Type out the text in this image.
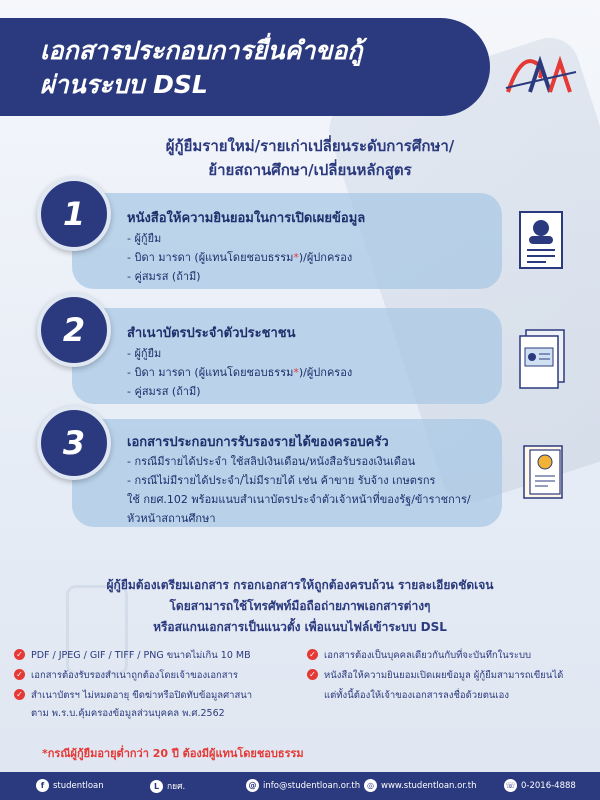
เอกสารประกอบการยื่นคำขอกู้
ผ่านระบบ DSL
ผู้กู้ยืมรายใหม่/รายเก่าเปลี่ยนระดับการศึกษา/
ย้ายสถานศึกษา/เปลี่ยนหลักสูตร
หนังสือให้ความยินยอมในการเปิดเผยข้อมูล
- ผู้กู้ยืม
- บิดา มารดา (ผู้แทนโดยชอบธรรม*)/ผู้ปกครอง
- คู่สมรส (ถ้ามี)
1
สำเนาบัตรประจำตัวประชาชน
- ผู้กู้ยืม
- บิดา มารดา (ผู้แทนโดยชอบธรรม*)/ผู้ปกครอง
- คู่สมรส (ถ้ามี)
2
เอกสารประกอบการรับรองรายได้ของครอบครัว
- กรณีมีรายได้ประจำ ใช้สลิปเงินเดือน/หนังสือรับรองเงินเดือน
- กรณีไม่มีรายได้ประจำ/ไม่มีรายได้ เช่น ค้าขาย รับจ้าง เกษตรกร
ใช้ กยศ.102 พร้อมแนบสำเนาบัตรประจำตัวเจ้าหน้าที่ของรัฐ/ข้าราชการ/
หัวหน้าสถานศึกษา
3
ผู้กู้ยืมต้องเตรียมเอกสาร กรอกเอกสารให้ถูกต้องครบถ้วน รายละเอียดชัดเจน
โดยสามารถใช้โทรศัพท์มือถือถ่ายภาพเอกสารต่างๆ
หรือสแกนเอกสารเป็นแนวตั้ง เพื่อแนบไฟล์เข้าระบบ DSL
✓ PDF / JPEG / GIF / TIFF / PNG ขนาดไม่เกิน 10 MB
✓ เอกสารต้องรับรองสำเนาถูกต้องโดยเจ้าของเอกสาร
✓ สำเนาบัตรฯ ไม่หมดอายุ ขีดฆ่าหรือปิดทับข้อมูลศาสนา
ตาม พ.ร.บ.คุ้มครองข้อมูลส่วนบุคคล พ.ศ.2562
✓ เอกสารต้องเป็นบุคคลเดียวกันกับที่จะบันทึกในระบบ
✓ หนังสือให้ความยินยอมเปิดเผยข้อมูล ผู้กู้ยืมสามารถเขียนได้
แต่ทั้งนี้ต้องให้เจ้าของเอกสารลงชื่อด้วยตนเอง
*กรณีผู้กู้ยืมอายุต่ำกว่า 20 ปี ต้องมีผู้แทนโดยชอบธรรม
f studentloan	L กยศ.	@ info@studentloan.or.th ◎ www.studentloan.or.th	☏ 0-2016-4888
